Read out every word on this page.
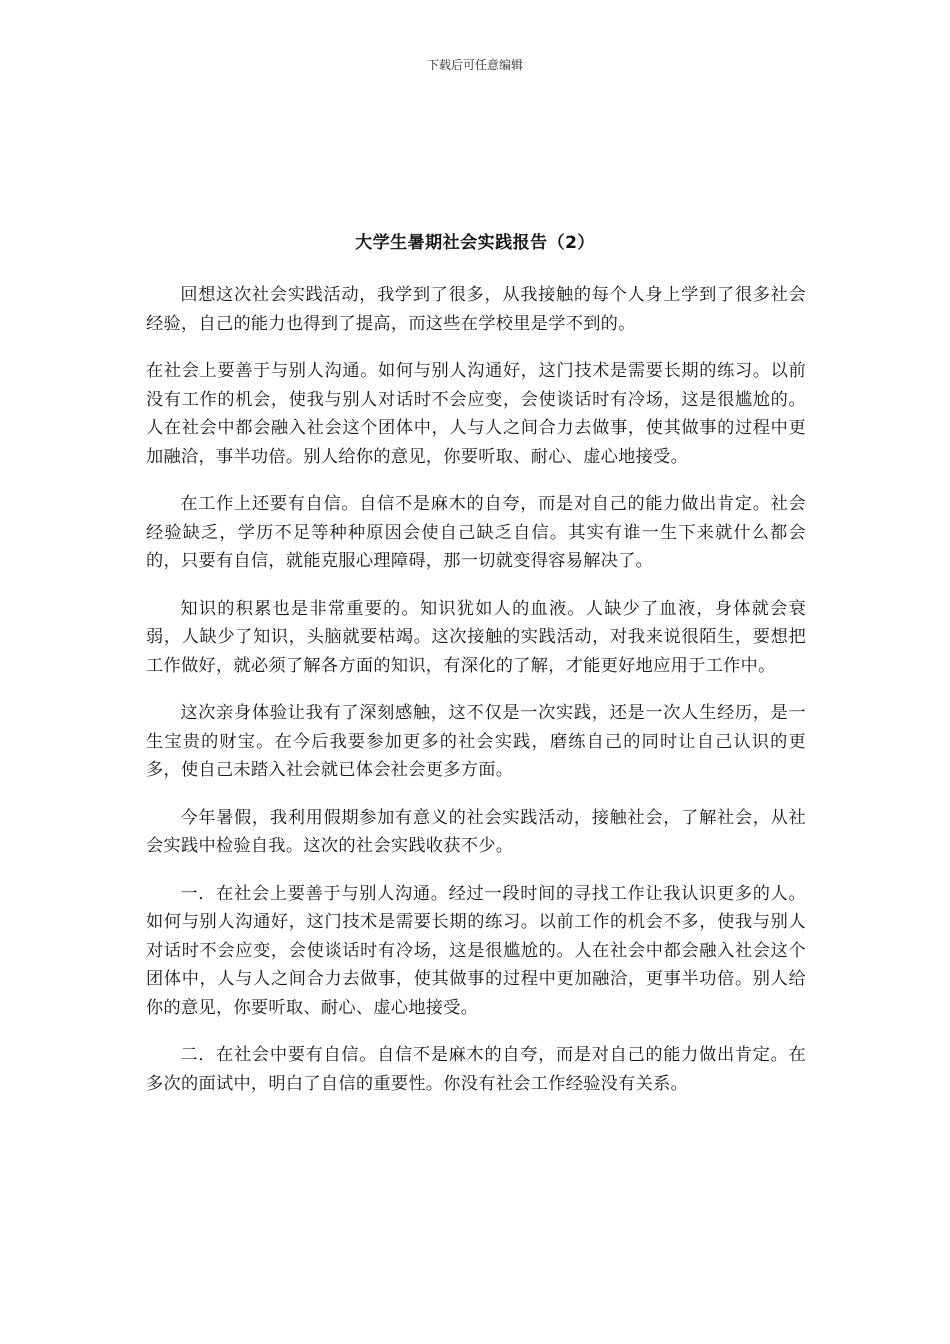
下载后可任意编辑
大学生暑期社会实践报告（2）

回想这次社会实践活动，我学到了很多，从我接触的每个人身上学到了很多社会经验，自己的能力也得到了提高，而这些在学校里是学不到的。

在社会上要善于与别人沟通。如何与别人沟通好，这门技术是需要长期的练习。以前没有工作的机会，使我与别人对话时不会应变，会使谈话时有冷场，这是很尴尬的。人在社会中都会融入社会这个团体中，人与人之间合力去做事，使其做事的过程中更加融洽，事半功倍。别人给你的意见，你要听取、耐心、虚心地接受。

在工作上还要有自信。自信不是麻木的自夸，而是对自己的能力做出肯定。社会经验缺乏，学历不足等种种原因会使自己缺乏自信。其实有谁一生下来就什么都会的，只要有自信，就能克服心理障碍，那一切就变得容易解决了。

知识的积累也是非常重要的。知识犹如人的血液。人缺少了血液，身体就会衰弱，人缺少了知识，头脑就要枯竭。这次接触的实践活动，对我来说很陌生，要想把工作做好，就必须了解各方面的知识，有深化的了解，才能更好地应用于工作中。

这次亲身体验让我有了深刻感触，这不仅是一次实践，还是一次人生经历，是一生宝贵的财宝。在今后我要参加更多的社会实践，磨练自己的同时让自己认识的更多，使自己未踏入社会就已体会社会更多方面。

今年暑假，我利用假期参加有意义的社会实践活动，接触社会，了解社会，从社会实践中检验自我。这次的社会实践收获不少。

一．在社会上要善于与别人沟通。经过一段时间的寻找工作让我认识更多的人。如何与别人沟通好，这门技术是需要长期的练习。以前工作的机会不多，使我与别人对话时不会应变，会使谈话时有冷场，这是很尴尬的。人在社会中都会融入社会这个团体中，人与人之间合力去做事，使其做事的过程中更加融洽，更事半功倍。别人给你的意见，你要听取、耐心、虚心地接受。

二．在社会中要有自信。自信不是麻木的自夸，而是对自己的能力做出肯定。在多次的面试中，明白了自信的重要性。你没有社会工作经验没有关系。
